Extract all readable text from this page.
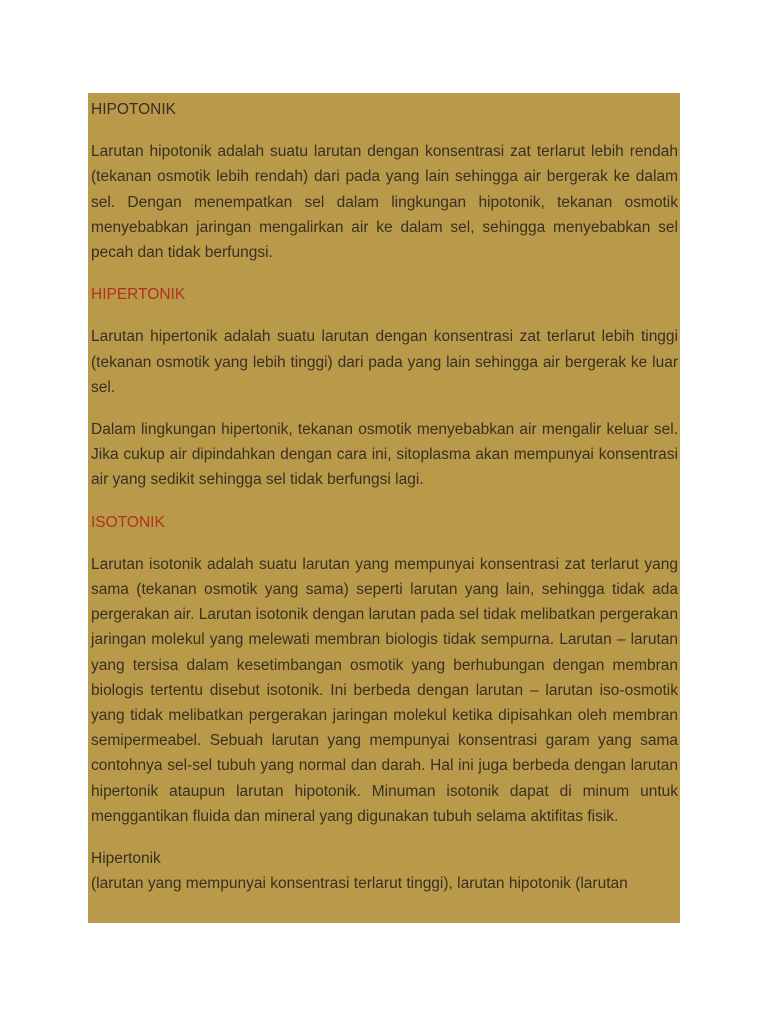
HIPOTONIK

Larutan hipotonik adalah suatu larutan dengan konsentrasi zat terlarut lebih rendah (tekanan osmotik lebih rendah) dari pada yang lain sehingga air bergerak ke dalam sel. Dengan menempatkan sel dalam lingkungan hipotonik, tekanan osmotik menyebabkan jaringan mengalirkan air ke dalam sel, sehingga menyebabkan sel pecah dan tidak berfungsi.

HIPERTONIK

Larutan hipertonik adalah suatu larutan dengan konsentrasi zat terlarut lebih tinggi (tekanan osmotik yang lebih tinggi) dari pada yang lain sehingga air bergerak ke luar sel.

Dalam lingkungan hipertonik, tekanan osmotik menyebabkan air mengalir keluar sel. Jika cukup air dipindahkan dengan cara ini, sitoplasma akan mempunyai konsentrasi air yang sedikit sehingga sel tidak berfungsi lagi.

ISOTONIK

Larutan isotonik adalah suatu larutan yang mempunyai konsentrasi zat terlarut yang sama (tekanan osmotik yang sama) seperti larutan yang lain, sehingga tidak ada pergerakan air. Larutan isotonik dengan larutan pada sel tidak melibatkan pergerakan jaringan molekul yang melewati membran biologis tidak sempurna. Larutan – larutan yang tersisa dalam kesetimbangan osmotik yang berhubungan dengan membran biologis tertentu disebut isotonik. Ini berbeda dengan larutan – larutan iso-osmotik yang tidak melibatkan pergerakan jaringan molekul ketika dipisahkan oleh membran semipermeabel. Sebuah larutan yang mempunyai konsentrasi garam yang sama contohnya sel-sel tubuh yang normal dan darah. Hal ini juga berbeda dengan larutan hipertonik ataupun larutan hipotonik. Minuman isotonik dapat di minum untuk menggantikan fluida dan mineral yang digunakan tubuh selama aktifitas fisik.

Hipertonik
(larutan yang mempunyai konsentrasi terlarut tinggi), larutan hipotonik (larutan
